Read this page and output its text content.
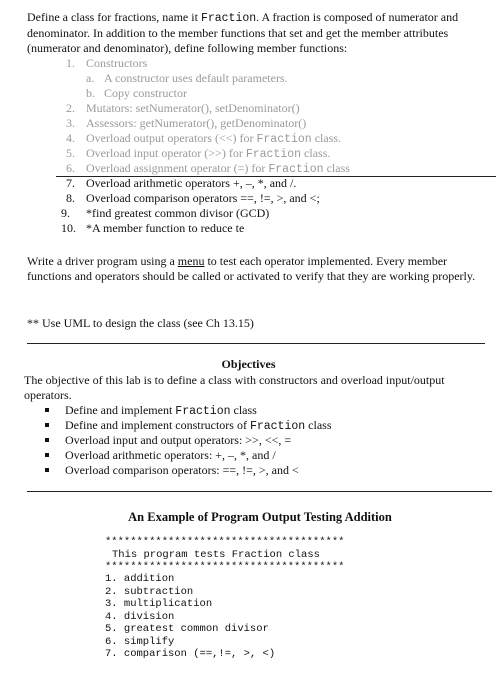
Define a class for fractions, name it Fraction. A fraction is composed of numerator and denominator. In addition to the member functions that set and get the member attributes (numerator and denominator), define following member functions:
1. Constructors
a. A constructor uses default parameters.
b. Copy constructor
2. Mutators: setNumerator(), setDenominator()
3. Assessors: getNumerator(), getDenominator()
4. Overload output operators (<<) for Fraction class.
5. Overload input operator (>>) for Fraction class.
6. Overload assignment operator (=) for Fraction class
7. Overload arithmetic operators +, –, *, and /.
8. Overload comparison operators ==, !=, >, and <;
9. *find greatest common divisor (GCD)
10. *A member function to reduce te
Write a driver program using a menu to test each operator implemented. Every member functions and operators should be called or activated to verify that they are working properly.
** Use UML to design the class (see Ch 13.15)
Objectives
The objective of this lab is to define a class with constructors and overload input/output operators.
Define and implement Fraction class
Define and implement constructors of Fraction class
Overload input and output operators: >>, <<, =
Overload arithmetic operators: +, –, *, and /
Overload comparison operators: ==, !=, >, and <
An Example of Program Output Testing Addition
**************************************
This program tests Fraction class
**************************************
1. addition
2. subtraction
3. multiplication
4. division
5. greatest common divisor
6. simplify
7. comparison (==,!=, >, <)
